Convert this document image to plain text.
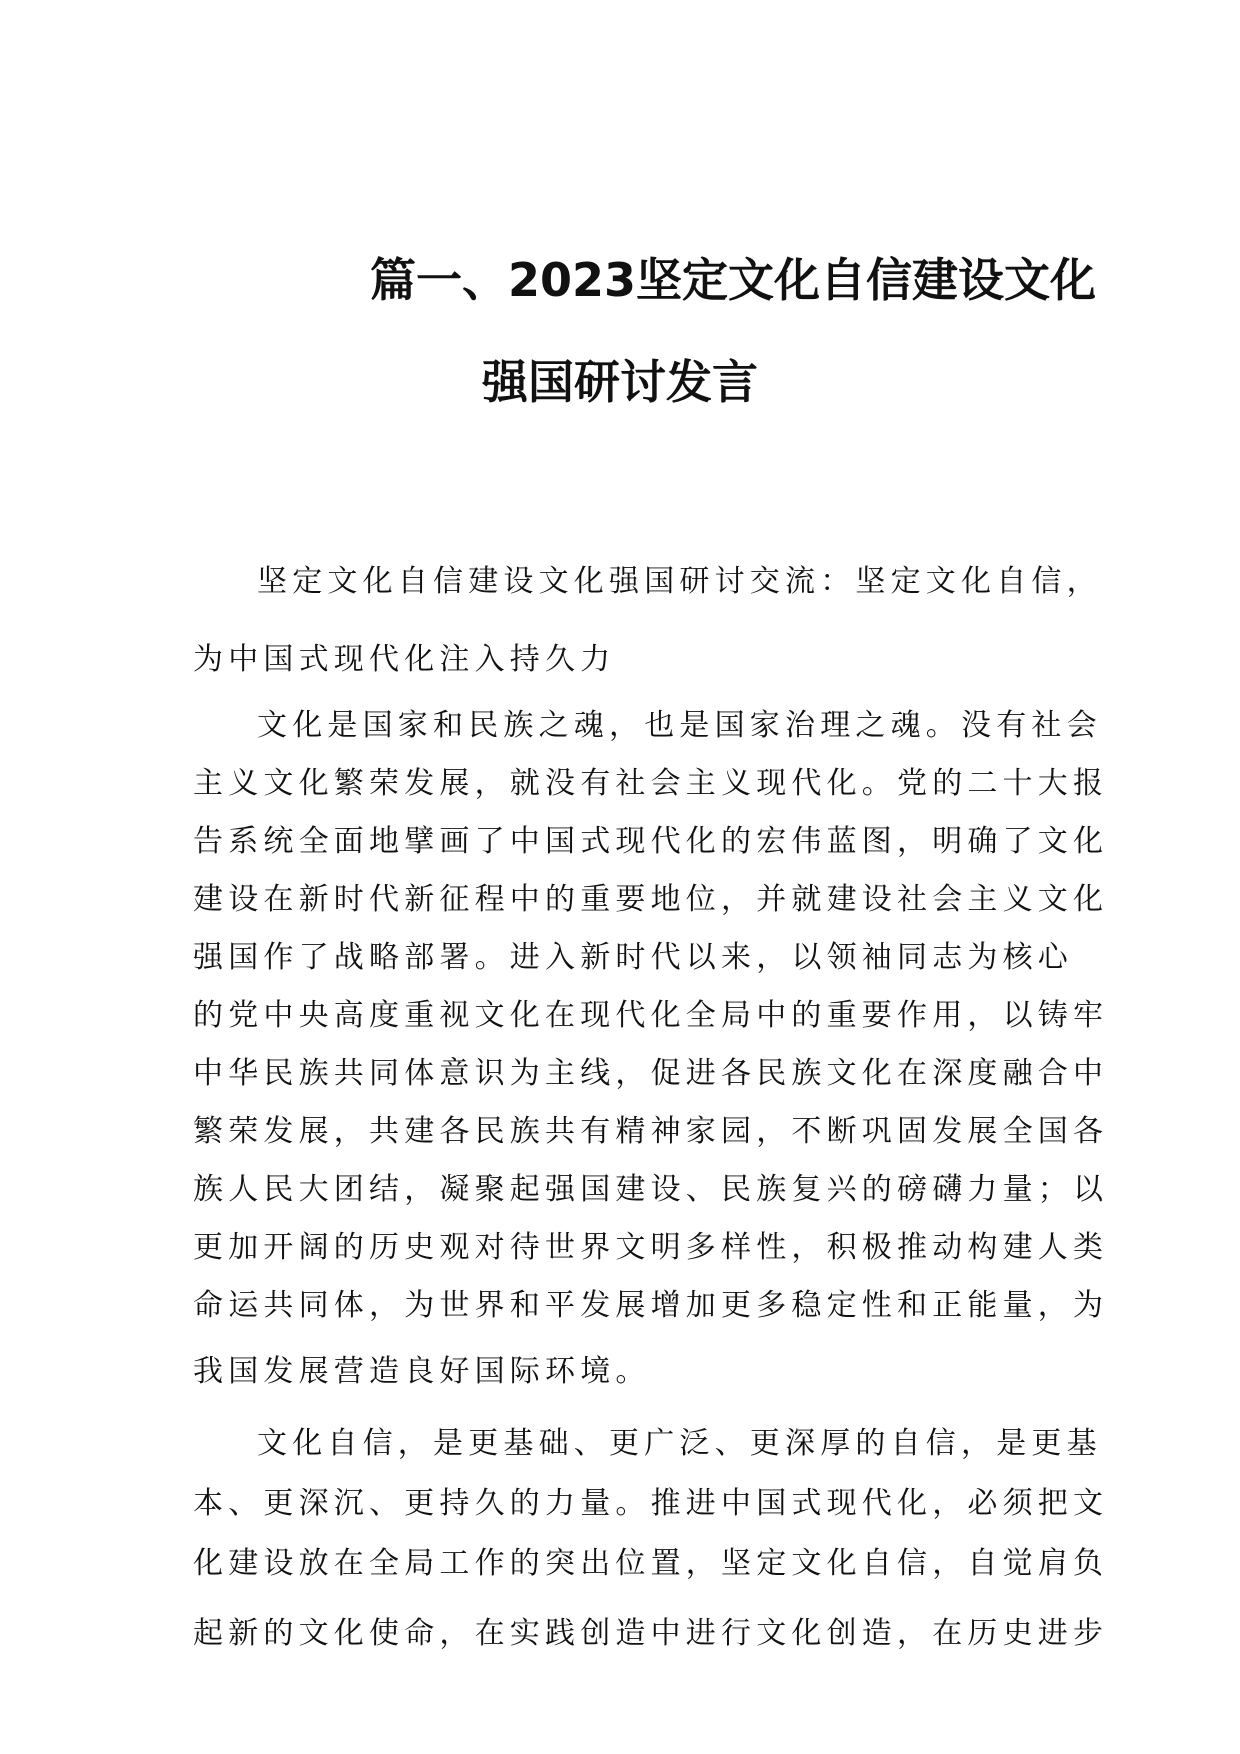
篇一、2023坚定文化自信建设文化
强国研讨发言

坚定文化自信建设文化强国研讨交流：坚定文化自信，

为中国式现代化注入持久力

文化是国家和民族之魂，也是国家治理之魂。没有社会

主义文化繁荣发展，就没有社会主义现代化。党的二十大报

告系统全面地擘画了中国式现代化的宏伟蓝图，明确了文化

建设在新时代新征程中的重要地位，并就建设社会主义文化

强国作了战略部署。进入新时代以来，以领袖同志为核心

的党中央高度重视文化在现代化全局中的重要作用，以铸牢

中华民族共同体意识为主线，促进各民族文化在深度融合中

繁荣发展，共建各民族共有精神家园，不断巩固发展全国各

族人民大团结，凝聚起强国建设、民族复兴的磅礴力量；以

更加开阔的历史观对待世界文明多样性，积极推动构建人类

命运共同体，为世界和平发展增加更多稳定性和正能量，为

我国发展营造良好国际环境。

文化自信，是更基础、更广泛、更深厚的自信，是更基

本、更深沉、更持久的力量。推进中国式现代化，必须把文

化建设放在全局工作的突出位置，坚定文化自信，自觉肩负

起新的文化使命，在实践创造中进行文化创造，在历史进步
